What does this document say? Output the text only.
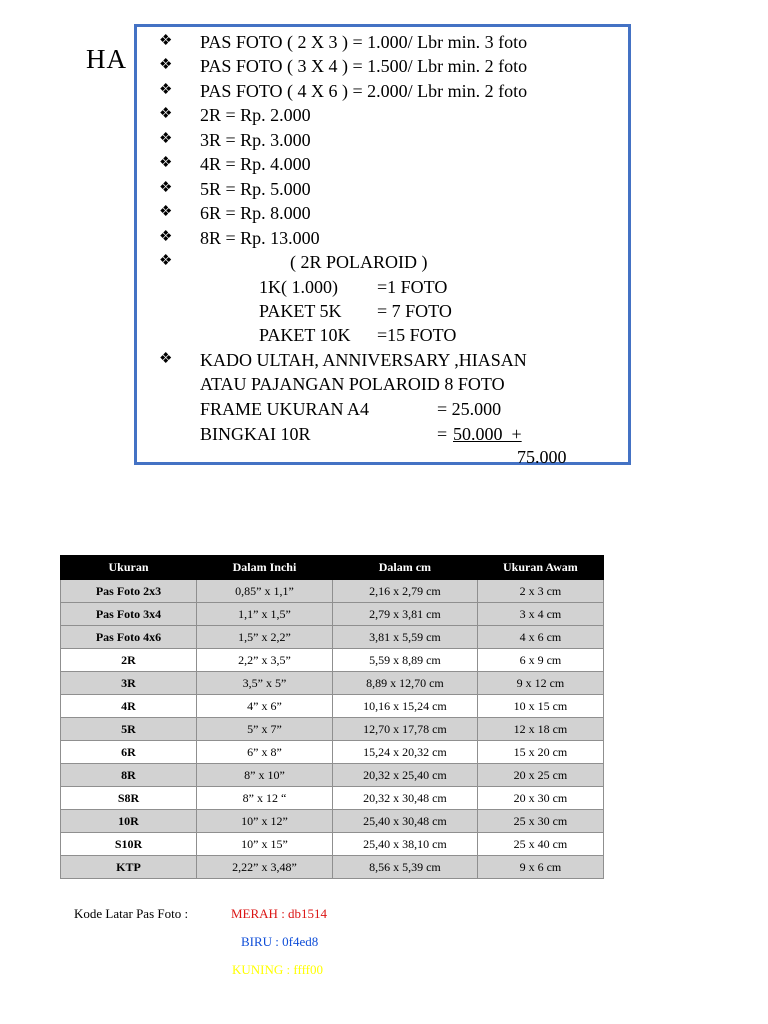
HA
❖
❖
❖
❖
❖
❖
❖
❖
❖
❖
❖
PAS FOTO ( 2 X 3 ) = 1.000/ Lbr min. 3 foto
PAS FOTO ( 3 X 4 ) = 1.500/ Lbr min. 2 foto
PAS FOTO ( 4 X 6 ) = 2.000/ Lbr min. 2 foto
2R = Rp. 2.000
3R = Rp. 3.000
4R = Rp. 4.000
5R = Rp. 5.000
6R = Rp. 8.000
8R = Rp. 13.000
( 2R POLAROID )
1K( 1.000) =1 FOTO
PAKET 5K = 7 FOTO
PAKET 10K =15 FOTO
KADO ULTAH, ANNIVERSARY ,HIASAN
ATAU PAJANGAN POLAROID 8 FOTO
FRAME UKURAN A4	= 25.000
BINGKAI 10R	= 50.000  +
75.000
Ukuran	Dalam Inchi	Dalam cm	Ukuran Awam
Pas Foto 2x3	0,85” x 1,1”	2,16 x 2,79 cm	2 x 3 cm
Pas Foto 3x4	1,1” x 1,5”	2,79 x 3,81 cm	3 x 4 cm
Pas Foto 4x6	1,5” x 2,2”	3,81 x 5,59 cm	4 x 6 cm
2R	2,2” x 3,5”	5,59 x 8,89 cm	6 x 9 cm
3R	3,5” x 5”	8,89 x 12,70 cm	9 x 12 cm
4R	4” x 6”	10,16 x 15,24 cm	10 x 15 cm
5R	5” x 7”	12,70 x 17,78 cm	12 x 18 cm
6R	6” x 8”	15,24 x 20,32 cm	15 x 20 cm
8R	8” x 10”	20,32 x 25,40 cm	20 x 25 cm
S8R	8” x 12 “	20,32 x 30,48 cm	20 x 30 cm
10R	10” x 12”	25,40 x 30,48 cm	25 x 30 cm
S10R	10” x 15”	25,40 x 38,10 cm	25 x 40 cm
KTP	2,22” x 3,48”	8,56 x 5,39 cm	9 x 6 cm
Kode Latar Pas Foto :	MERAH : db1514
BIRU : 0f4ed8
KUNING : ffff00
